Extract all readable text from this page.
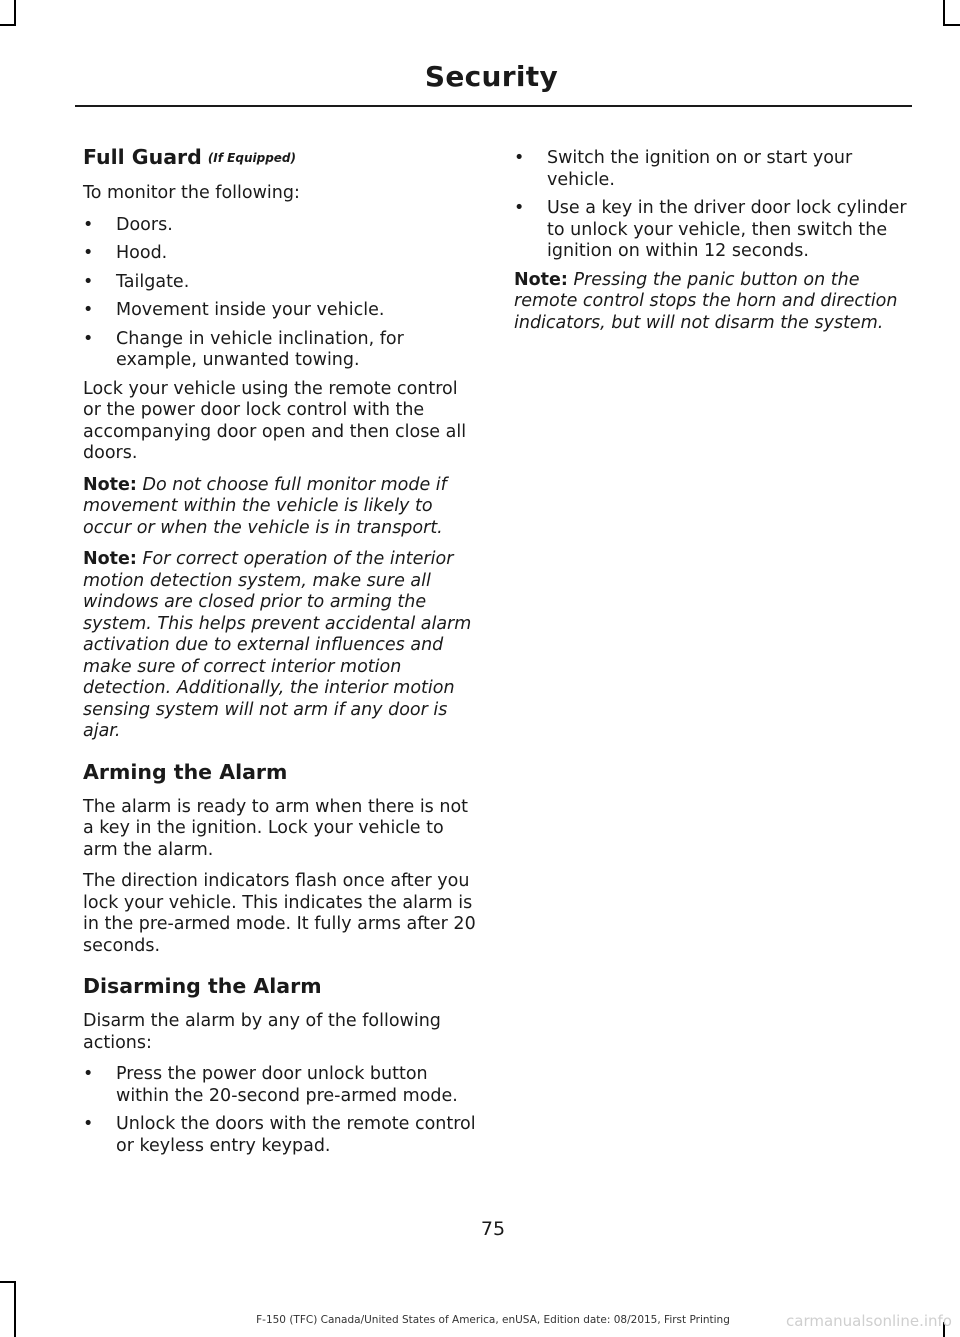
Security
Full Guard (If Equipped)

To monitor the following:

• Doors.
• Hood.
• Tailgate.
• Movement inside your vehicle.
• Change in vehicle inclination, for example, unwanted towing.

Lock your vehicle using the remote control or the power door lock control with the accompanying door open and then close all doors.

Note: Do not choose full monitor mode if movement within the vehicle is likely to occur or when the vehicle is in transport.

Note: For correct operation of the interior motion detection system, make sure all windows are closed prior to arming the system. This helps prevent accidental alarm activation due to external influences and make sure of correct interior motion detection. Additionally, the interior motion sensing system will not arm if any door is ajar.

Arming the Alarm

The alarm is ready to arm when there is not a key in the ignition. Lock your vehicle to arm the alarm.

The direction indicators flash once after you lock your vehicle. This indicates the alarm is in the pre-armed mode. It fully arms after 20 seconds.

Disarming the Alarm

Disarm the alarm by any of the following actions:

• Press the power door unlock button within the 20-second pre-armed mode.
• Unlock the doors with the remote control or keyless entry keypad.
• Switch the ignition on or start your vehicle.
• Use a key in the driver door lock cylinder to unlock your vehicle, then switch the ignition on within 12 seconds.

Note: Pressing the panic button on the remote control stops the horn and direction indicators, but will not disarm the system.

75
F-150 (TFC) Canada/United States of America, enUSA, Edition date: 08/2015, First Printing	carmanualsonline.info
